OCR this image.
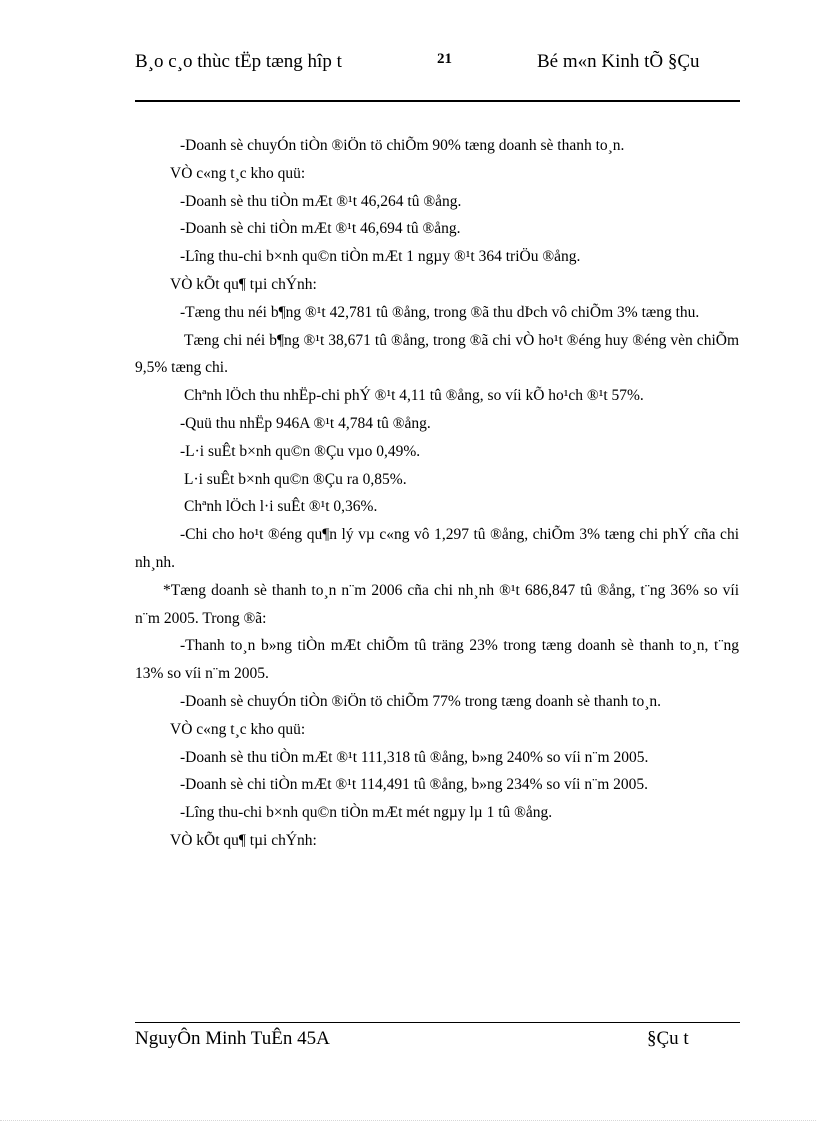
B¸o c¸o thùc tËp tæng hîp t	21	Bé m«n Kinh tÕ §Çu

-Doanh sè chuyÓn tiÒn ®iÖn tö chiÕm 90% tæng doanh sè thanh to¸n.

VÒ c«ng t¸c kho quü:

-Doanh sè thu tiÒn mÆt ®¹t 46,264 tû ®ång.

-Doanh sè chi tiÒn mÆt ®¹t 46,694 tû ®ång.

-Lîng thu-chi b×nh qu©n tiÒn mÆt 1 ngµy ®¹t 364 triÖu ®ång.

VÒ kÕt qu¶ tµi chÝnh:

-Tæng thu néi b¶ng ®¹t 42,781 tû ®ång, trong ®ã thu dÞch vô chiÕm 3% tæng thu.

Tæng chi néi b¶ng ®¹t 38,671 tû ®ång, trong ®ã chi vÒ ho¹t ®éng huy ®éng vèn chiÕm 9,5% tæng chi.

Chªnh lÖch thu nhËp-chi phÝ ®¹t 4,11 tû ®ång, so víi kÕ ho¹ch ®¹t 57%.

-Quü thu nhËp 946A ®¹t 4,784 tû ®ång.

-L·i suÊt b×nh qu©n ®Çu vµo 0,49%.

L·i suÊt b×nh qu©n ®Çu ra 0,85%.

Chªnh lÖch l·i suÊt ®¹t 0,36%.

-Chi cho ho¹t ®éng qu¶n lý vµ c«ng vô 1,297 tû ®ång, chiÕm 3% tæng chi phÝ cña chi nh¸nh.

*Tæng doanh sè thanh to¸n n¨m 2006 cña chi nh¸nh ®¹t 686,847 tû ®ång, t¨ng 36% so víi n¨m 2005. Trong ®ã:

-Thanh to¸n b»ng tiÒn mÆt chiÕm tû träng 23% trong tæng doanh sè thanh to¸n, t¨ng 13% so víi n¨m 2005.

-Doanh sè chuyÓn tiÒn ®iÖn tö chiÕm 77% trong tæng doanh sè thanh to¸n.

VÒ c«ng t¸c kho quü:

-Doanh sè thu tiÒn mÆt ®¹t 111,318 tû ®ång, b»ng 240% so víi n¨m 2005.

-Doanh sè chi tiÒn mÆt ®¹t 114,491 tû ®ång, b»ng 234% so víi n¨m 2005.

-Lîng thu-chi b×nh qu©n tiÒn mÆt mét ngµy lµ 1 tû ®ång.

VÒ kÕt qu¶ tµi chÝnh:

NguyÔn Minh TuÊn 45A	§Çu t
